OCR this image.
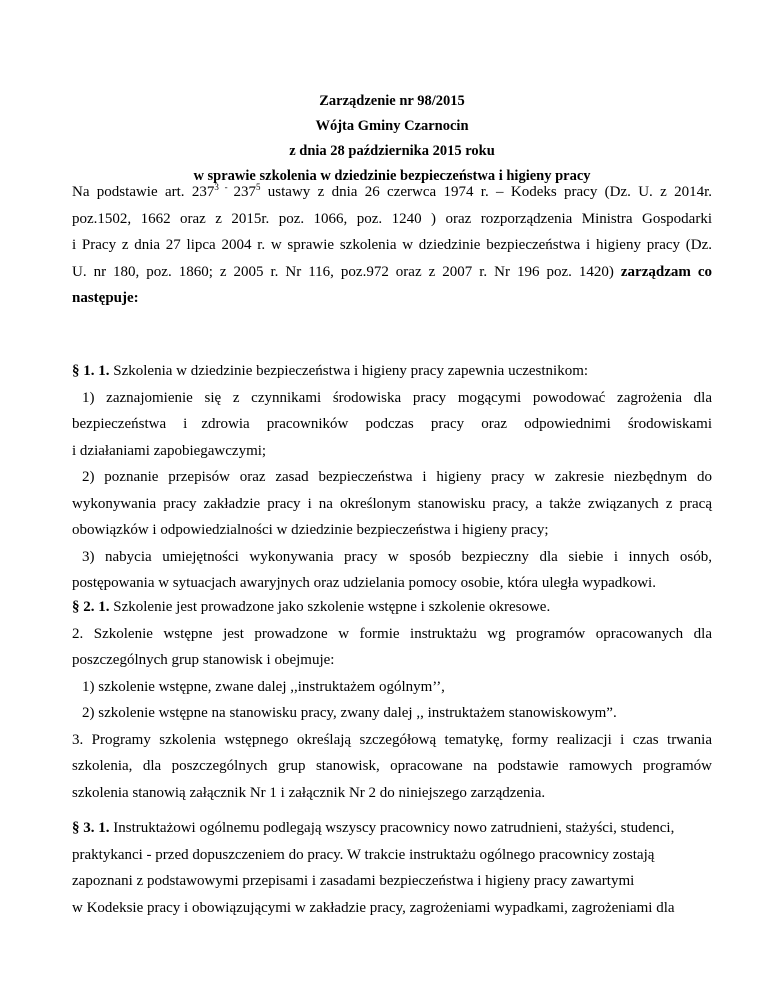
Zarządzenie nr 98/2015
Wójta Gminy Czarnocin
z dnia 28 października 2015 roku
w sprawie szkolenia w dziedzinie bezpieczeństwa i higieny pracy

Na podstawie art. $237^3$ - $237^5$ ustawy z dnia 26 czerwca 1974 r. – Kodeks pracy (Dz. U. z 2014r.

poz.1502, 1662 oraz z 2015r. poz. 1066, poz. 1240 ) oraz rozporządzenia Ministra Gospodarki

i Pracy z dnia 27 lipca 2004 r. w sprawie szkolenia w dziedzinie bezpieczeństwa i higieny pracy (Dz.

U. nr 180, poz. 1860; z 2005 r. Nr 116, poz.972 oraz z 2007 r. Nr 196 poz. 1420) zarządzam co

następuje:

§ 1. 1. Szkolenia w dziedzinie bezpieczeństwa i higieny pracy zapewnia uczestnikom:

1) zaznajomienie się z czynnikami środowiska pracy mogącymi powodować zagrożenia dla

bezpieczeństwa i zdrowia pracowników podczas pracy oraz odpowiednimi środowiskami

i działaniami zapobiegawczymi;

2) poznanie przepisów oraz zasad bezpieczeństwa i higieny pracy w zakresie niezbędnym do

wykonywania pracy zakładzie pracy i na określonym stanowisku pracy, a także związanych z pracą

obowiązków i odpowiedzialności w dziedzinie bezpieczeństwa i higieny pracy;

3) nabycia umiejętności wykonywania pracy w sposób bezpieczny dla siebie i innych osób,

postępowania w sytuacjach awaryjnych oraz udzielania pomocy osobie, która uległa wypadkowi.

§ 2. 1. Szkolenie jest prowadzone jako szkolenie wstępne i szkolenie okresowe.

2. Szkolenie wstępne jest prowadzone w formie instruktażu wg programów opracowanych dla

poszczególnych grup stanowisk i obejmuje:

1) szkolenie wstępne, zwane dalej ,,instruktażem ogólnym’’,

2) szkolenie wstępne na stanowisku pracy, zwany dalej ,, instruktażem stanowiskowym”.

3. Programy szkolenia wstępnego określają szczegółową tematykę, formy realizacji i czas trwania

szkolenia, dla poszczególnych grup stanowisk, opracowane na podstawie ramowych programów

szkolenia stanowią załącznik Nr 1 i załącznik Nr 2 do niniejszego zarządzenia.

§ 3. 1. Instruktażowi ogólnemu podlegają wszyscy pracownicy nowo zatrudnieni, stażyści, studenci,

praktykanci - przed dopuszczeniem do pracy. W trakcie instruktażu ogólnego pracownicy zostają

zapoznani z podstawowymi przepisami i zasadami bezpieczeństwa i higieny pracy zawartymi

w Kodeksie pracy i obowiązującymi w zakładzie pracy, zagrożeniami wypadkami, zagrożeniami dla
